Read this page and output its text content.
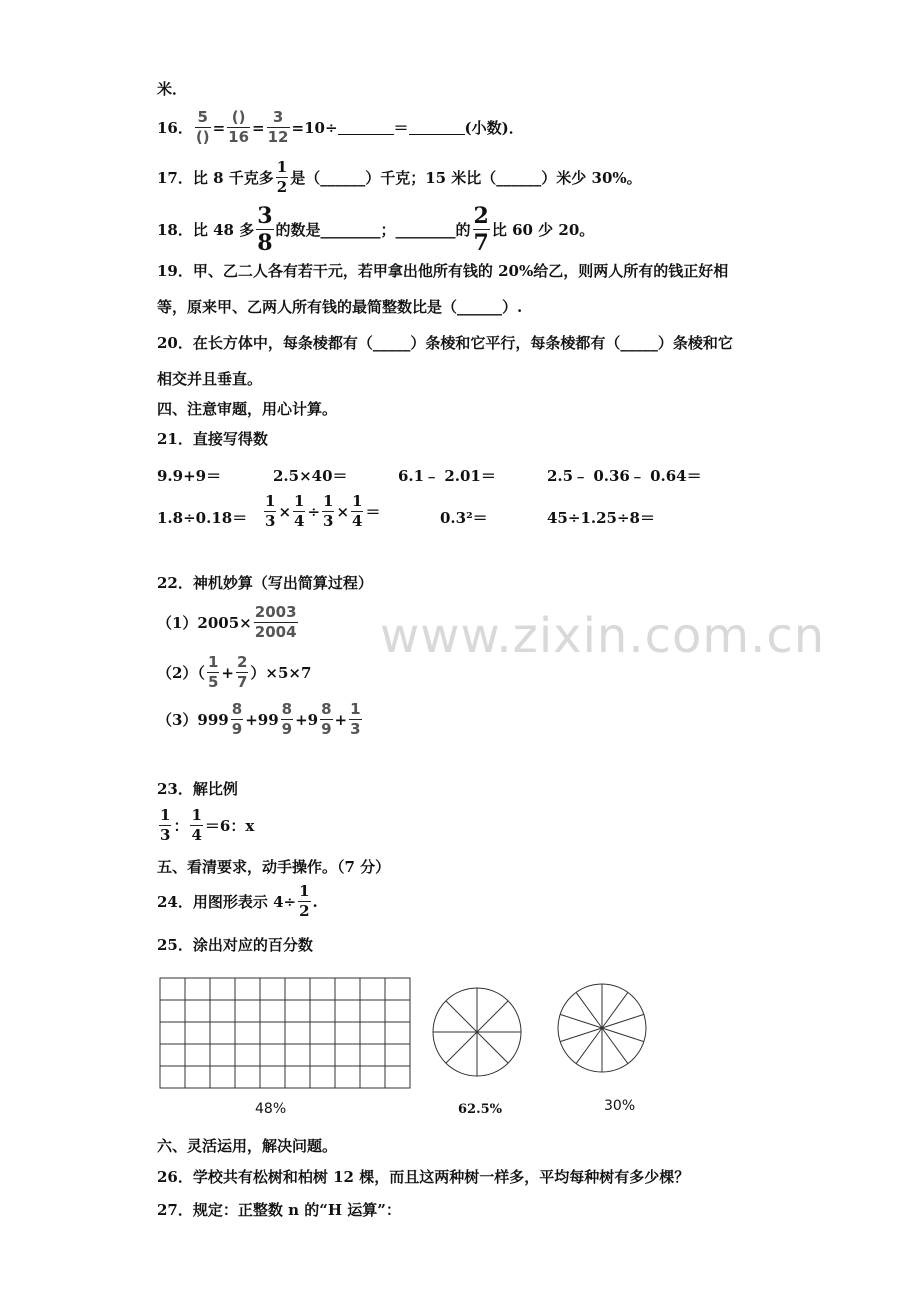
www.zixin.com.cn
米．
16． $\frac{5}{()} = \frac{()}{16} = \frac{3}{12} =10\div$	＝	(小数)．
17．比 8 千克多 $\frac{1}{2}$ 是（______）千克；15 米比（______）米少 30%。
18．比 48 多 $\frac{3}{8}$ 的数是________；________的 $\frac{2}{7}$ 比 60 少 20。
19．甲、乙二人各有若干元，若甲拿出他所有钱的 20%给乙，则两人所有的钱正好相
等，原来甲、乙两人所有钱的最简整数比是（______）.
20．在长方体中，每条棱都有（_____）条棱和它平行，每条棱都有（_____）条棱和它
相交并且垂直。
四、注意审题，用心计算。
21．直接写得数
9.9+9＝	2.5×40＝	6.1﹣ 2.01＝	2.5﹣ 0.36﹣ 0.64＝
$1.8\div 0.18= \frac{1}{3} \times \frac{1}{4} \div \frac{1}{3} \times \frac{1}{4}$ ＝	0.3²＝	45÷1.25÷8＝
22．神机妙算（写出简算过程）
$(1)2005\times \frac{2003}{2004}$
$(2)( \frac{1}{5} + \frac{2}{7} )\times 5\times 7$
$(3)999 \frac{8}{9} +99 \frac{8}{9} +9 \frac{8}{9} + \frac{1}{3}$
23．解比例
$\frac{1}{3}$ ： $\frac{1}{4} =6$：x
五、看清要求，动手操作。（7 分）
24．用图形表示 $4\div \frac{1}{2}$ .
25．涂出对应的百分数
48%	62.5%	30%
六、灵活运用，解决问题。
26．学校共有松树和柏树 12 棵，而且这两种树一样多，平均每种树有多少棵？
27．规定：正整数 n 的“H 运算”：
